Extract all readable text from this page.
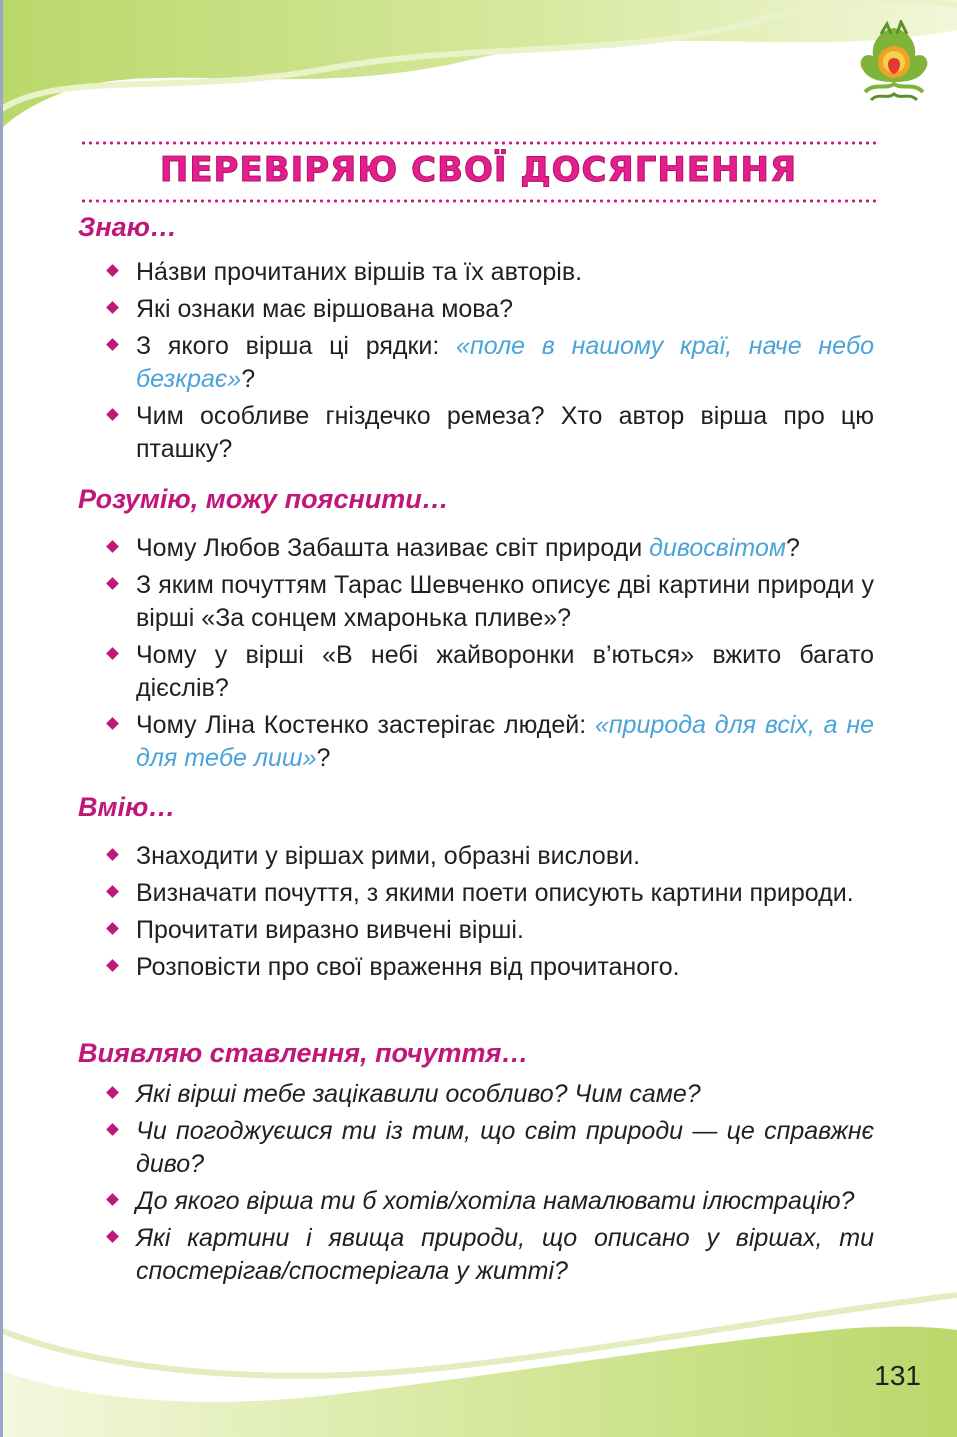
ПЕРЕВІРЯЮ СВОЇ ДОСЯГНЕННЯ
Знаю…
На́зви прочитаних віршів та їх авторів.
Які ознаки має віршована мова?
З якого вірша ці рядки: «поле в нашому краї, наче небо безкрає»?
Чим особливе гніздечко ремеза? Хто автор вірша про цю пташку?
Розумію, можу пояснити…
Чому Любов Забашта називає світ природи дивосвітом?
З яким почуттям Тарас Шевченко описує дві картини природи у вірші «За сонцем хмаронька пливе»?
Чому у вірші «В небі жайворонки в’ються» вжито багато дієслів?
Чому Ліна Костенко застерігає людей: «природа для всіх, а не для тебе лиш»?
Вмію…
Знаходити у віршах рими, образні вислови.
Визначати почуття, з якими поети описують картини природи.
Прочитати виразно вивчені вірші.
Розповісти про свої враження від прочитаного.
Виявляю ставлення, почуття…
Які вірші тебе зацікавили особливо? Чим саме?
Чи погоджуєшся ти із тим, що світ природи — це справжнє диво?
До якого вірша ти б хотів/хотіла намалювати ілюстрацію?
Які картини і явища природи, що описано у віршах, ти спостерігав/спостерігала у житті?
131
